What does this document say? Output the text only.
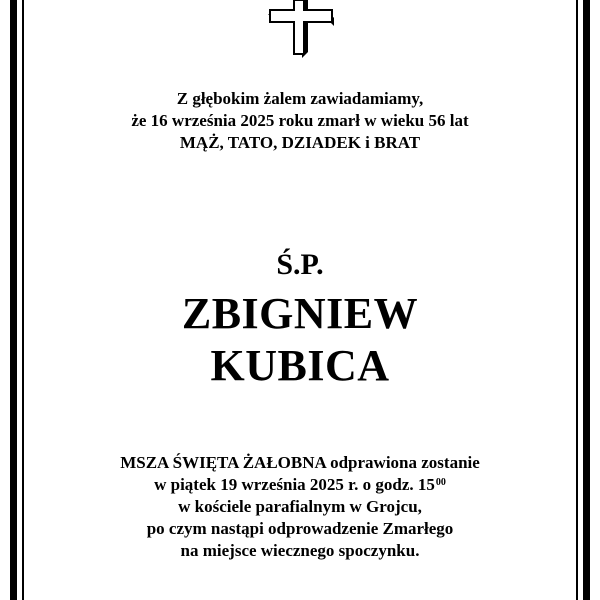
Z głębokim żalem zawiadamiamy,
że 16 września 2025 roku zmarł w wieku 56 lat
MĄŻ, TATO, DZIADEK i BRAT
Ś.P.
ZBIGNIEW
KUBICA
MSZA ŚWIĘTA ŻAŁOBNA odprawiona zostanie
w piątek 19 września 2025 r. o godz. $15^{00}$
w kościele parafialnym w Grojcu,
po czym nastąpi odprowadzenie Zmarłego
na miejsce wiecznego spoczynku.
